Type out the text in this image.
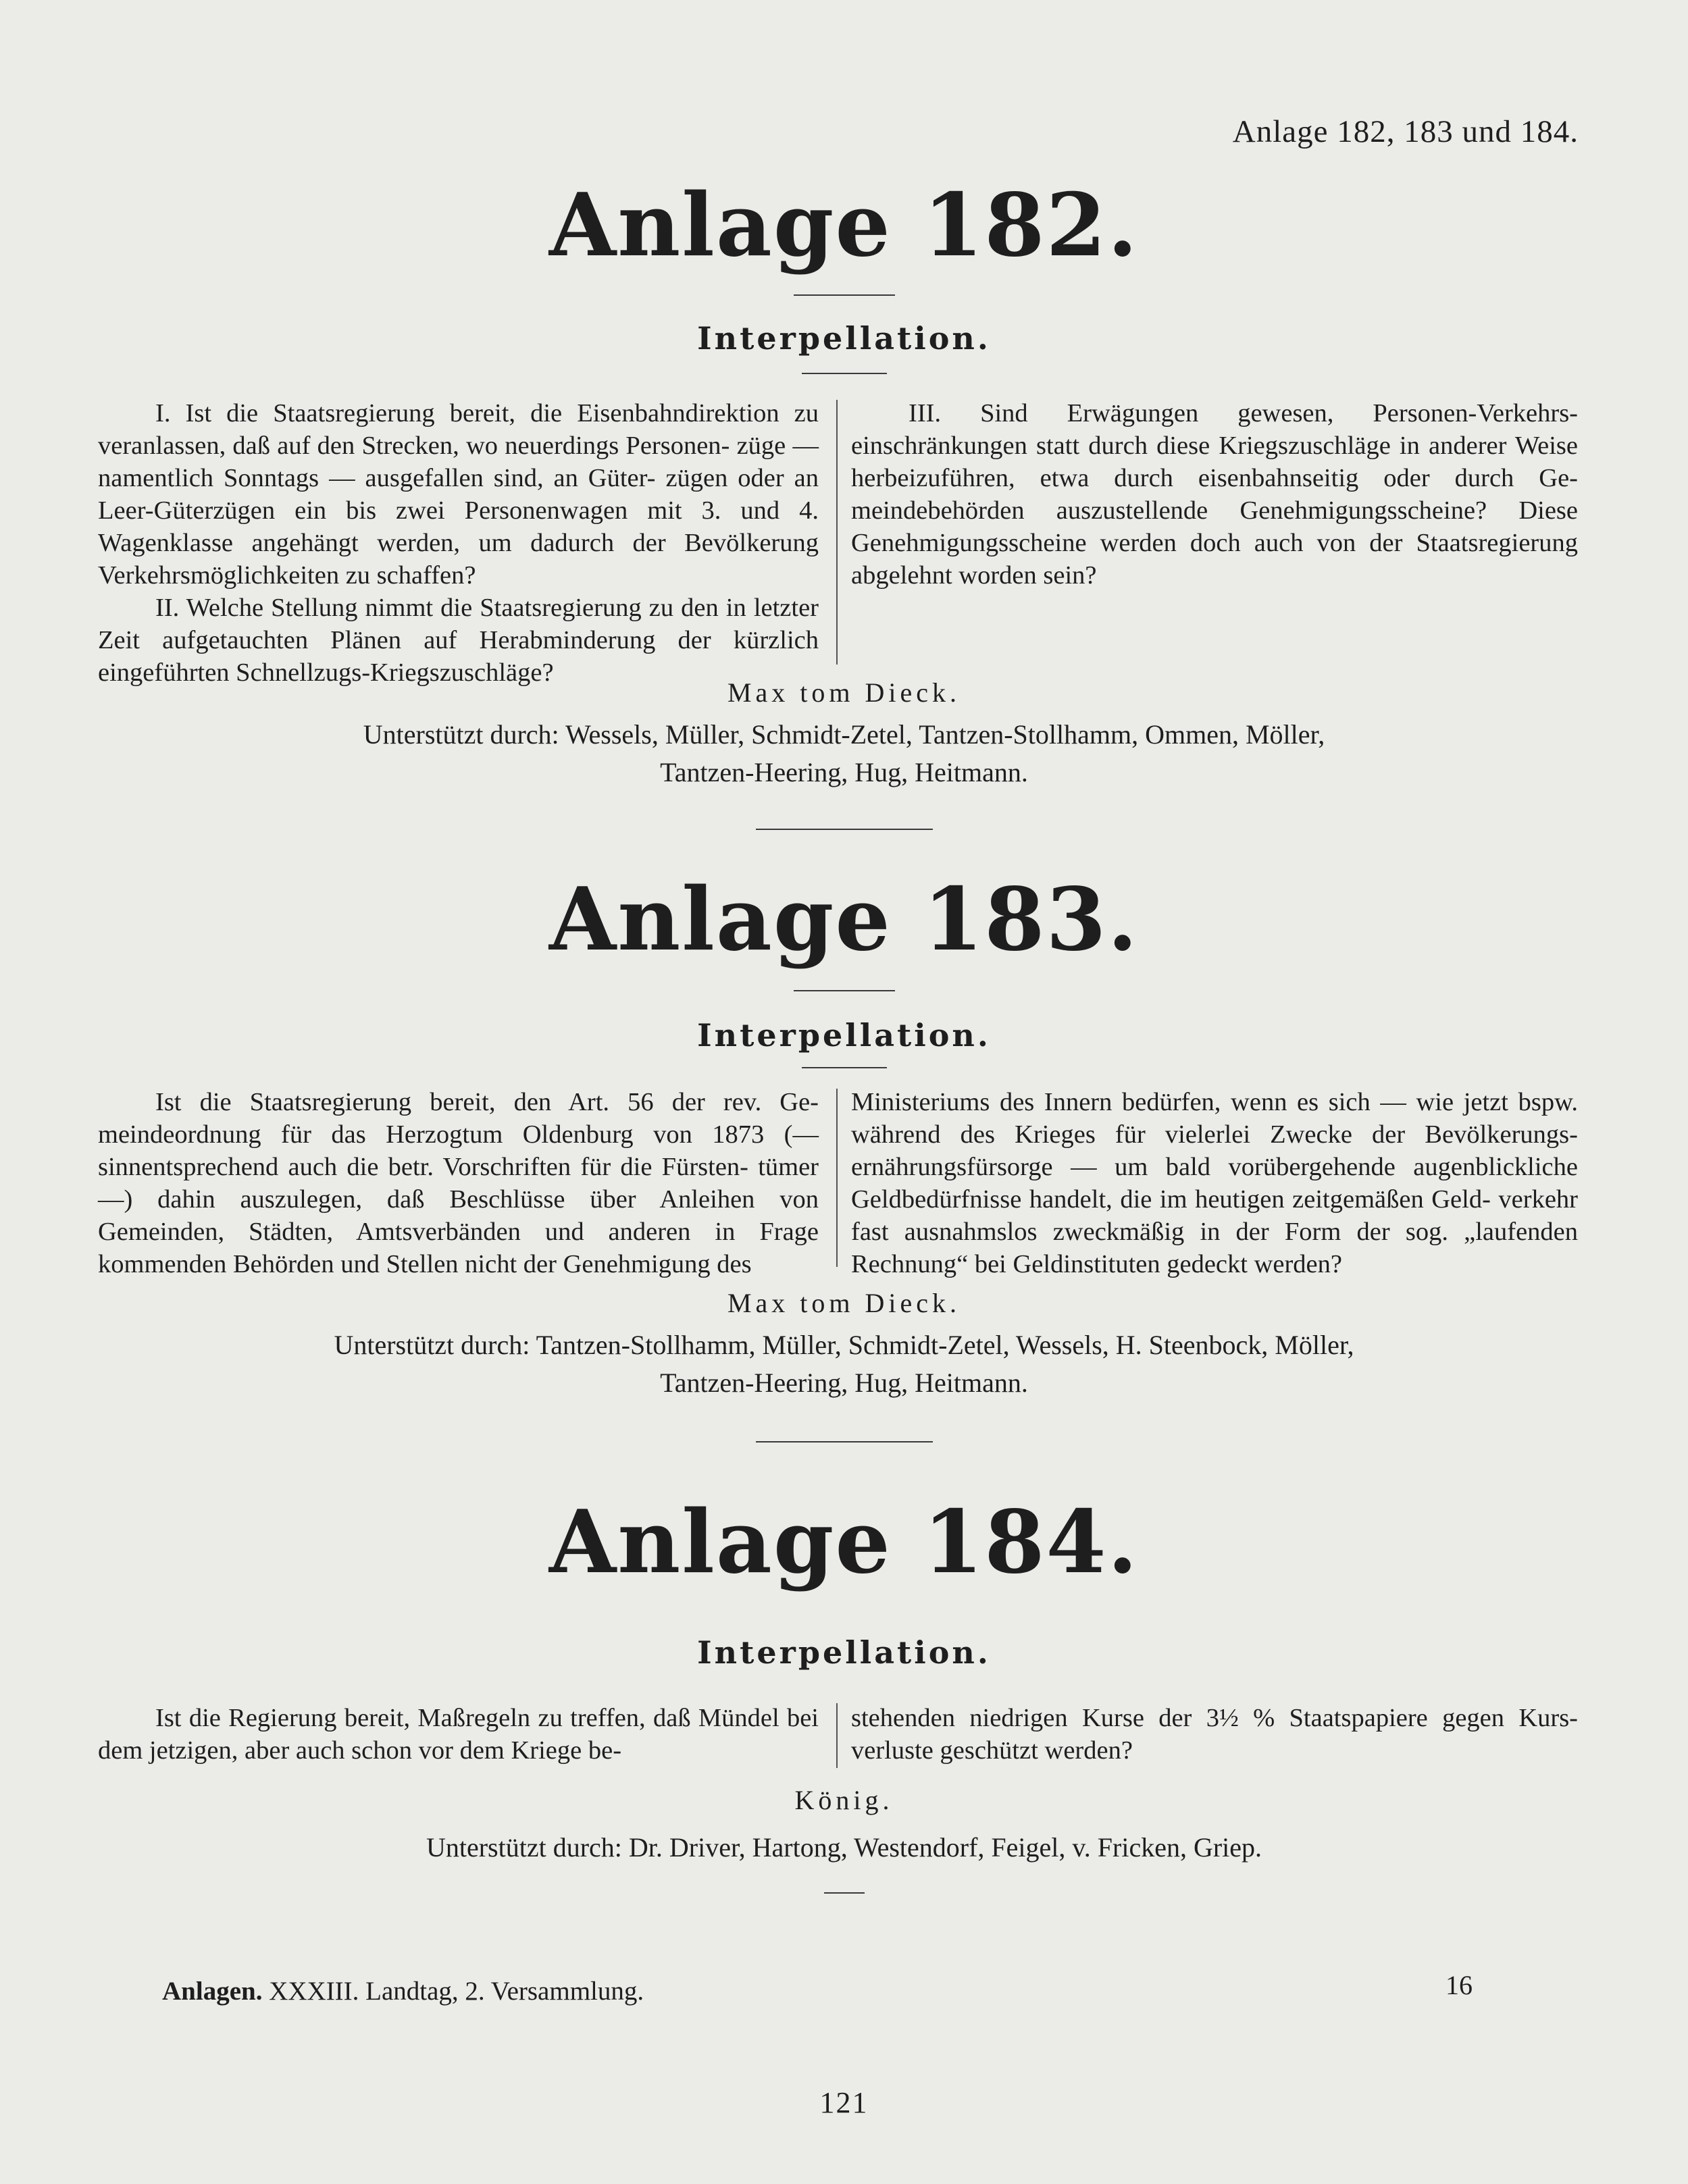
Anlage 182, 183 und 184.
Anlage 182.
Interpellation.

I. Ist die Staatsregierung bereit, die Eisenbahndirektion zu veranlassen, daß auf den Strecken, wo neuerdings Personen- züge — namentlich Sonntags — ausgefallen sind, an Güter- zügen oder an Leer-Güterzügen ein bis zwei Personenwagen mit 3. und 4. Wagenklasse angehängt werden, um dadurch der Bevölkerung Verkehrsmöglichkeiten zu schaffen?

II. Welche Stellung nimmt die Staatsregierung zu den in letzter Zeit aufgetauchten Plänen auf Herabminderung der kürzlich eingeführten Schnellzugs-Kriegszuschläge?

III. Sind Erwägungen gewesen, Personen-Verkehrs- einschränkungen statt durch diese Kriegszuschläge in anderer Weise herbeizuführen, etwa durch eisenbahnseitig oder durch Ge- meindebehörden auszustellende Genehmigungsscheine? Diese Genehmigungsscheine werden doch auch von der Staatsregierung abgelehnt worden sein?

Max tom Dieck.
Unterstützt durch: Wessels, Müller, Schmidt-Zetel, Tantzen-Stollhamm, Ommen, Möller,
Tantzen-Heering, Hug, Heitmann.
Anlage 183.
Interpellation.

Ist die Staatsregierung bereit, den Art. 56 der rev. Ge- meindeordnung für das Herzogtum Oldenburg von 1873 (— sinnentsprechend auch die betr. Vorschriften für die Fürsten- tümer —) dahin auszulegen, daß Beschlüsse über Anleihen von Gemeinden, Städten, Amtsverbänden und anderen in Frage kommenden Behörden und Stellen nicht der Genehmigung des

Ministeriums des Innern bedürfen, wenn es sich — wie jetzt bspw. während des Krieges für vielerlei Zwecke der Bevölkerungs- ernährungsfürsorge — um bald vorübergehende augenblickliche Geldbedürfnisse handelt, die im heutigen zeitgemäßen Geld- verkehr fast ausnahmslos zweckmäßig in der Form der sog. „laufenden Rechnung“ bei Geldinstituten gedeckt werden?

Max tom Dieck.
Unterstützt durch: Tantzen-Stollhamm, Müller, Schmidt-Zetel, Wessels, H. Steenbock, Möller,
Tantzen-Heering, Hug, Heitmann.
Anlage 184.
Interpellation.

Ist die Regierung bereit, Maßregeln zu treffen, daß Mündel bei dem jetzigen, aber auch schon vor dem Kriege be-

stehenden niedrigen Kurse der 3½ % Staatspapiere gegen Kurs- verluste geschützt werden?

König.
Unterstützt durch: Dr. Driver, Hartong, Westendorf, Feigel, v. Fricken, Griep.
Anlagen. XXXIII. Landtag, 2. Versammlung.	16
121
